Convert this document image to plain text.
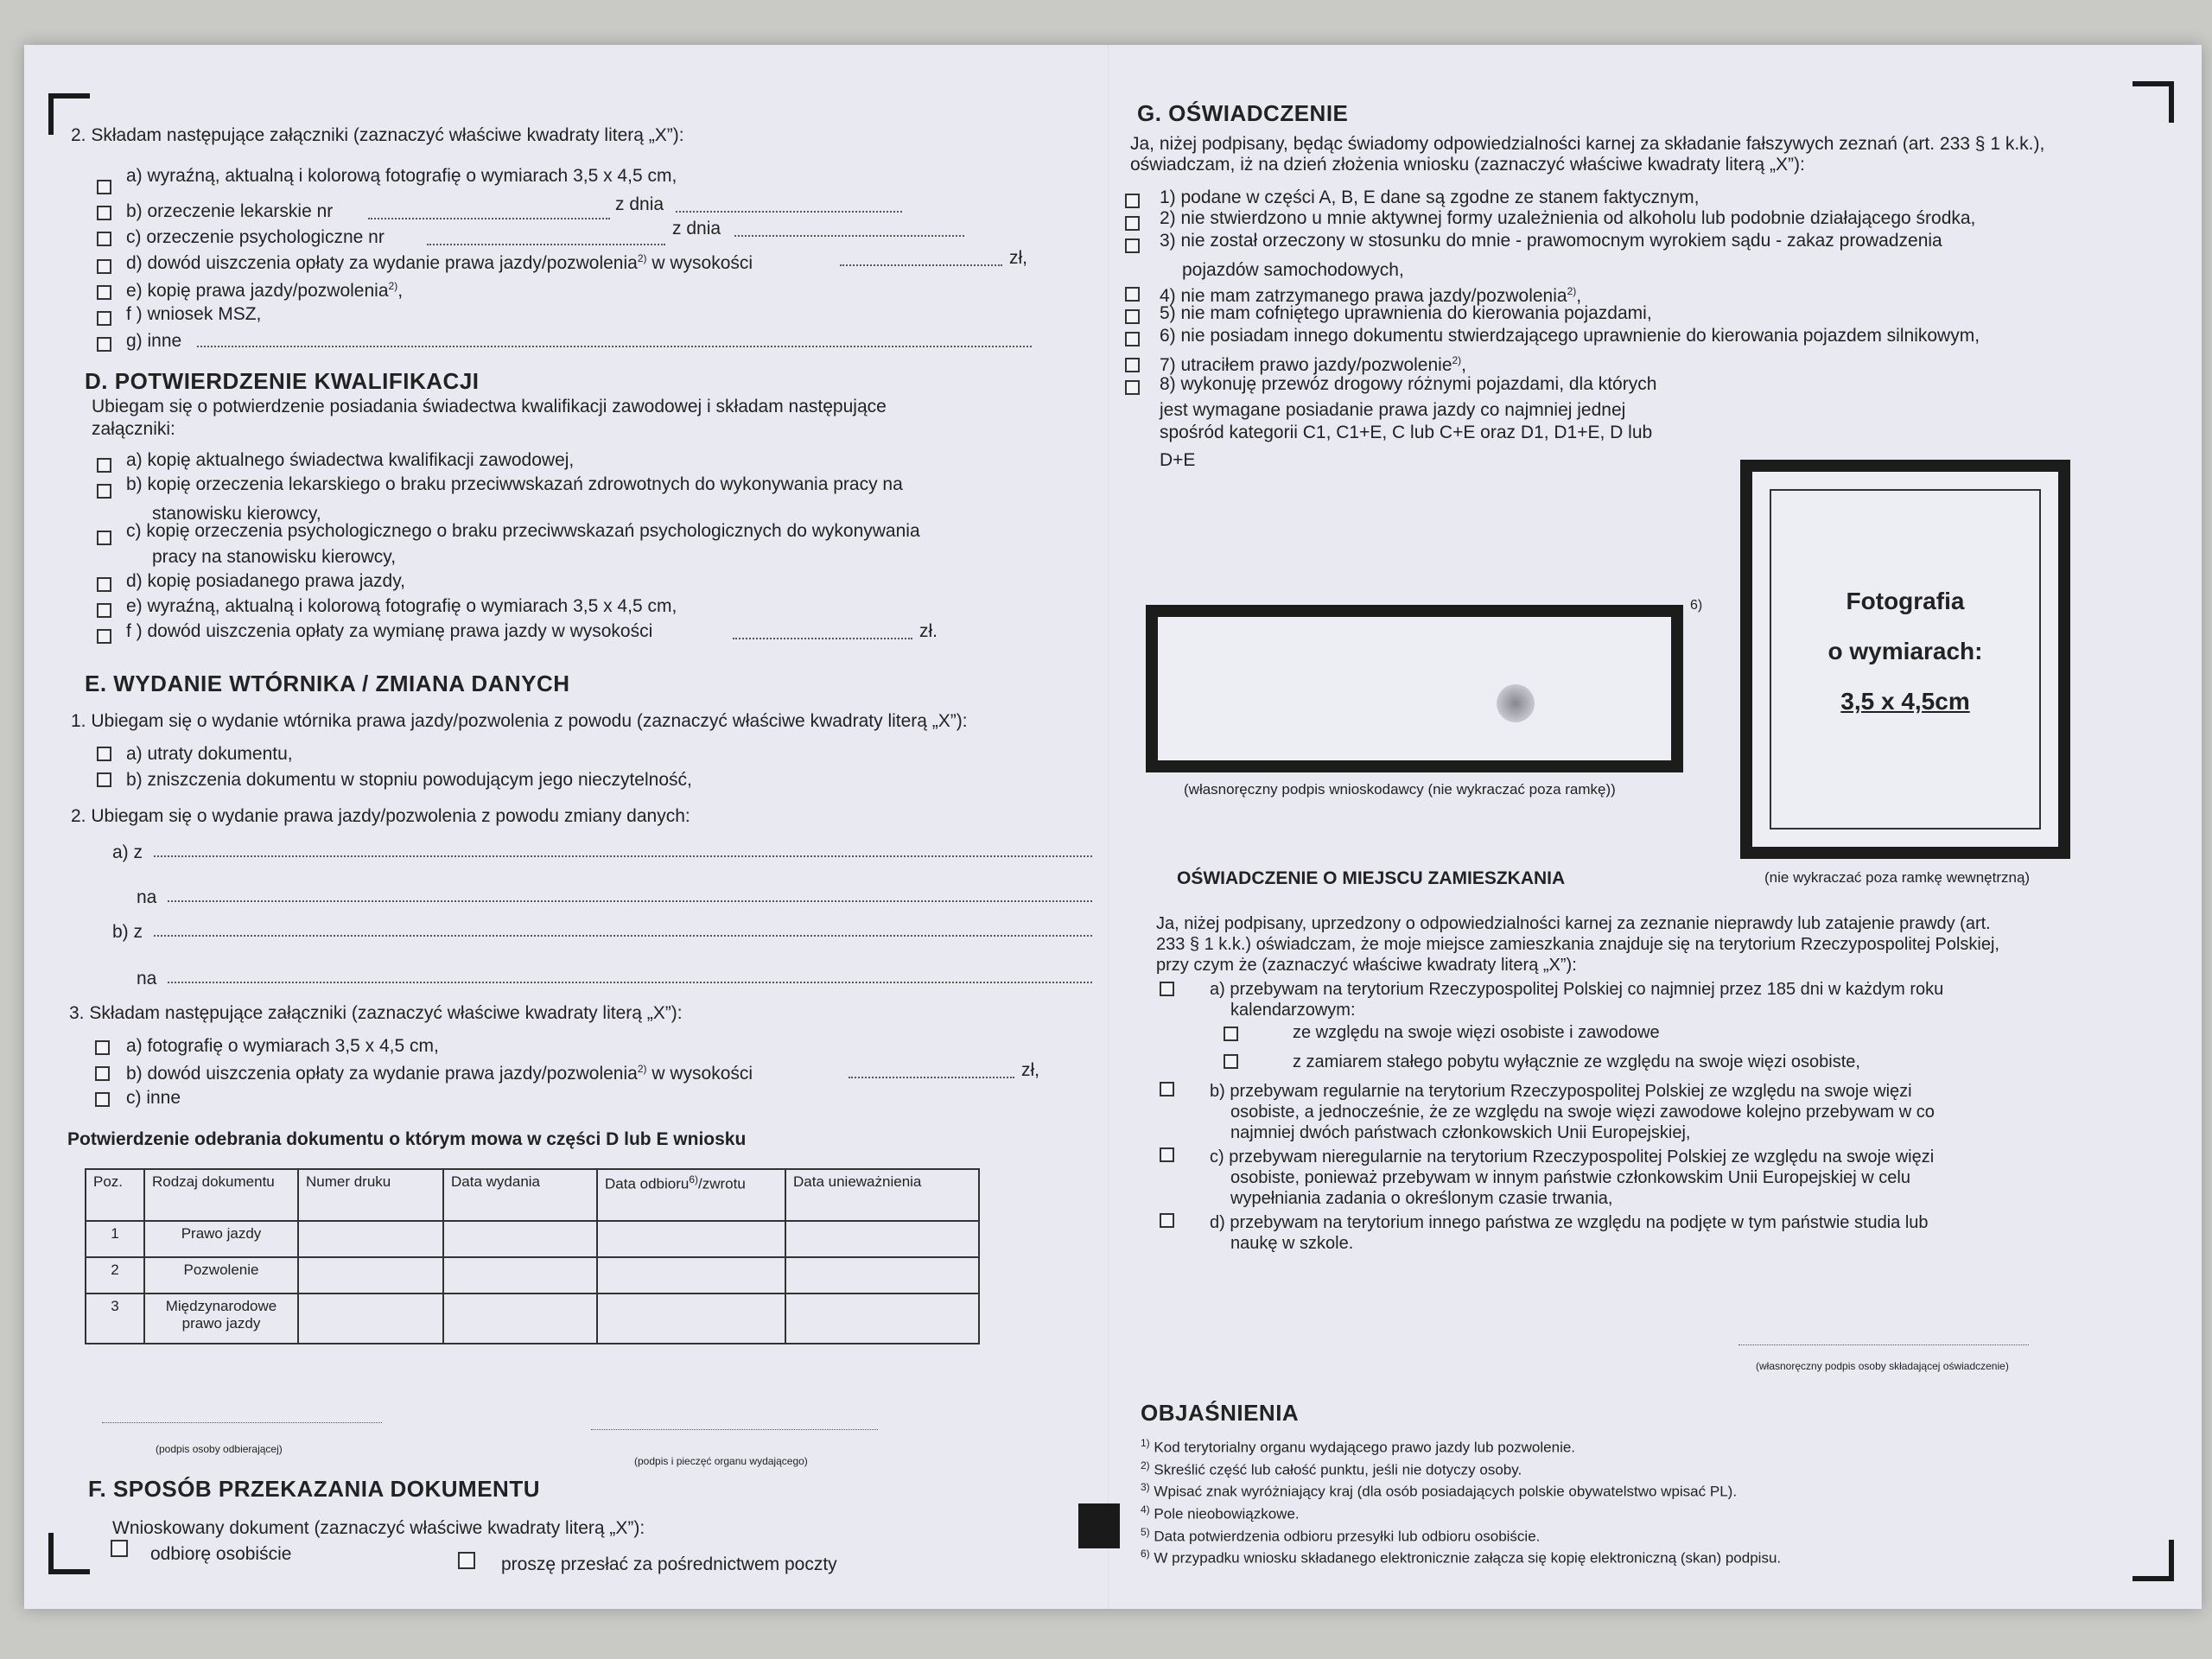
2. Składam następujące załączniki (zaznaczyć właściwe kwadraty literą „X”):
a) wyraźną, aktualną i kolorową fotografię o wymiarach 3,5 x 4,5 cm,
b) orzeczenie lekarskie nr	z dnia
c) orzeczenie psychologiczne nr	z dnia
d) dowód uiszczenia opłaty za wydanie prawa jazdy/pozwolenia$^{2)}$ w wysokości	zł,
e) kopię prawa jazdy/pozwolenia$^{2)}$,
f ) wniosek MSZ,
g) inne
D. POTWIERDZENIE KWALIFIKACJI
Ubiegam się o potwierdzenie posiadania świadectwa kwalifikacji zawodowej i składam następujące
załączniki:
a) kopię aktualnego świadectwa kwalifikacji zawodowej,
b) kopię orzeczenia lekarskiego o braku przeciwwskazań zdrowotnych do wykonywania pracy na
stanowisku kierowcy,
c) kopię orzeczenia psychologicznego o braku przeciwwskazań psychologicznych do wykonywania
pracy na stanowisku kierowcy,
d) kopię posiadanego prawa jazdy,
e) wyraźną, aktualną i kolorową fotografię o wymiarach 3,5 x 4,5 cm,
f ) dowód uiszczenia opłaty za wymianę prawa jazdy w wysokości	zł.
E. WYDANIE WTÓRNIKA / ZMIANA DANYCH
1. Ubiegam się o wydanie wtórnika prawa jazdy/pozwolenia z powodu (zaznaczyć właściwe kwadraty literą „X”):
a) utraty dokumentu,
b) zniszczenia dokumentu w stopniu powodującym jego nieczytelność,
2. Ubiegam się o wydanie prawa jazdy/pozwolenia z powodu zmiany danych:
a) z
na
b) z
na
3. Składam następujące załączniki (zaznaczyć właściwe kwadraty literą „X”):
a) fotografię o wymiarach 3,5 x 4,5 cm,
b) dowód uiszczenia opłaty za wydanie prawa jazdy/pozwolenia$^{2)}$ w wysokości	zł,
c) inne
Potwierdzenie odebrania dokumentu o którym mowa w części D lub E wniosku
Poz.	Rodzaj dokumentu	Numer druku	Data wydania	Data odbioru$^{6)}$/zwrotu	Data unieważnienia
1	Prawo jazdy				
2	Pozwolenie				
3	Międzynarodowe prawo jazdy				
(podpis osoby odbierającej)
(podpis i pieczęć organu wydającego)
F. SPOSÓB PRZEKAZANIA DOKUMENTU
Wnioskowany dokument (zaznaczyć właściwe kwadraty literą „X”):
odbiorę osobiście
proszę przesłać za pośrednictwem poczty
G. OŚWIADCZENIE
Ja, niżej podpisany, będąc świadomy odpowiedzialności karnej za składanie fałszywych zeznań (art. 233 § 1 k.k.),
oświadczam, iż na dzień złożenia wniosku (zaznaczyć właściwe kwadraty literą „X”):
1) podane w części A, B, E dane są zgodne ze stanem faktycznym,
2) nie stwierdzono u mnie aktywnej formy uzależnienia od alkoholu lub podobnie działającego środka,
3) nie został orzeczony w stosunku do mnie - prawomocnym wyrokiem sądu - zakaz prowadzenia
pojazdów samochodowych,
4) nie mam zatrzymanego prawa jazdy/pozwolenia$^{2)}$,
5) nie mam cofniętego uprawnienia do kierowania pojazdami,
6) nie posiadam innego dokumentu stwierdzającego uprawnienie do kierowania pojazdem silnikowym,
7) utraciłem prawo jazdy/pozwolenie$^{2)}$,
8) wykonuję przewóz drogowy różnymi pojazdami, dla których
jest wymagane posiadanie prawa jazdy co najmniej jednej
spośród kategorii C1, C1+E, C lub C+E oraz D1, D1+E, D lub
D+E
Fotografia
o wymiarach:
3,5 x 4,5cm
(nie wykraczać poza ramkę wewnętrzną)
6)
(własnoręczny podpis wnioskodawcy (nie wykraczać poza ramkę))
OŚWIADCZENIE O MIEJSCU ZAMIESZKANIA
Ja, niżej podpisany, uprzedzony o odpowiedzialności karnej za zeznanie nieprawdy lub zatajenie prawdy (art.
233 § 1 k.k.) oświadczam, że moje miejsce zamieszkania znajduje się na terytorium Rzeczypospolitej Polskiej,
przy czym że (zaznaczyć właściwe kwadraty literą „X”):
a) przebywam na terytorium Rzeczypospolitej Polskiej co najmniej przez 185 dni w każdym roku
kalendarzowym:
ze względu na swoje więzi osobiste i zawodowe
z zamiarem stałego pobytu wyłącznie ze względu na swoje więzi osobiste,
b) przebywam regularnie na terytorium Rzeczypospolitej Polskiej ze względu na swoje więzi
osobiste, a jednocześnie, że ze względu na swoje więzi zawodowe kolejno przebywam w co
najmniej dwóch państwach członkowskich Unii Europejskiej,
c) przebywam nieregularnie na terytorium Rzeczypospolitej Polskiej ze względu na swoje więzi
osobiste, ponieważ przebywam w innym państwie członkowskim Unii Europejskiej w celu
wypełniania zadania o określonym czasie trwania,
d) przebywam na terytorium innego państwa ze względu na podjęte w tym państwie studia lub
naukę w szkole.
(własnoręczny podpis osoby składającej oświadczenie)
OBJAŚNIENIA
$^{1)}$ Kod terytorialny organu wydającego prawo jazdy lub pozwolenie.
$^{2)}$ Skreślić część lub całość punktu, jeśli nie dotyczy osoby.
$^{3)}$ Wpisać znak wyróżniający kraj (dla osób posiadających polskie obywatelstwo wpisać PL).
$^{4)}$ Pole nieobowiązkowe.
$^{5)}$ Data potwierdzenia odbioru przesyłki lub odbioru osobiście.
$^{6)}$ W przypadku wniosku składanego elektronicznie załącza się kopię elektroniczną (skan) podpisu.
